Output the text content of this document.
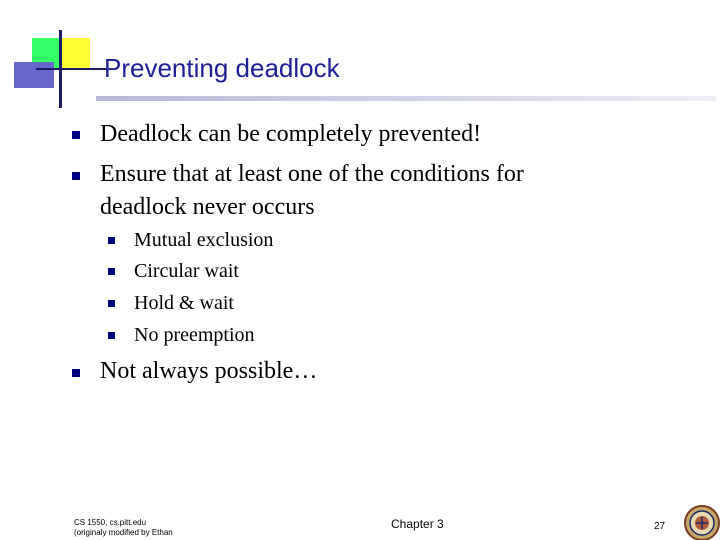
Preventing deadlock
Deadlock can be completely prevented!
Ensure that at least one of the conditions for
deadlock never occurs
Mutual exclusion
Circular wait
Hold & wait
No preemption
Not always possible…
CS 1550, cs.pitt.edu
(originaly modified by Ethan
Chapter 3	27
